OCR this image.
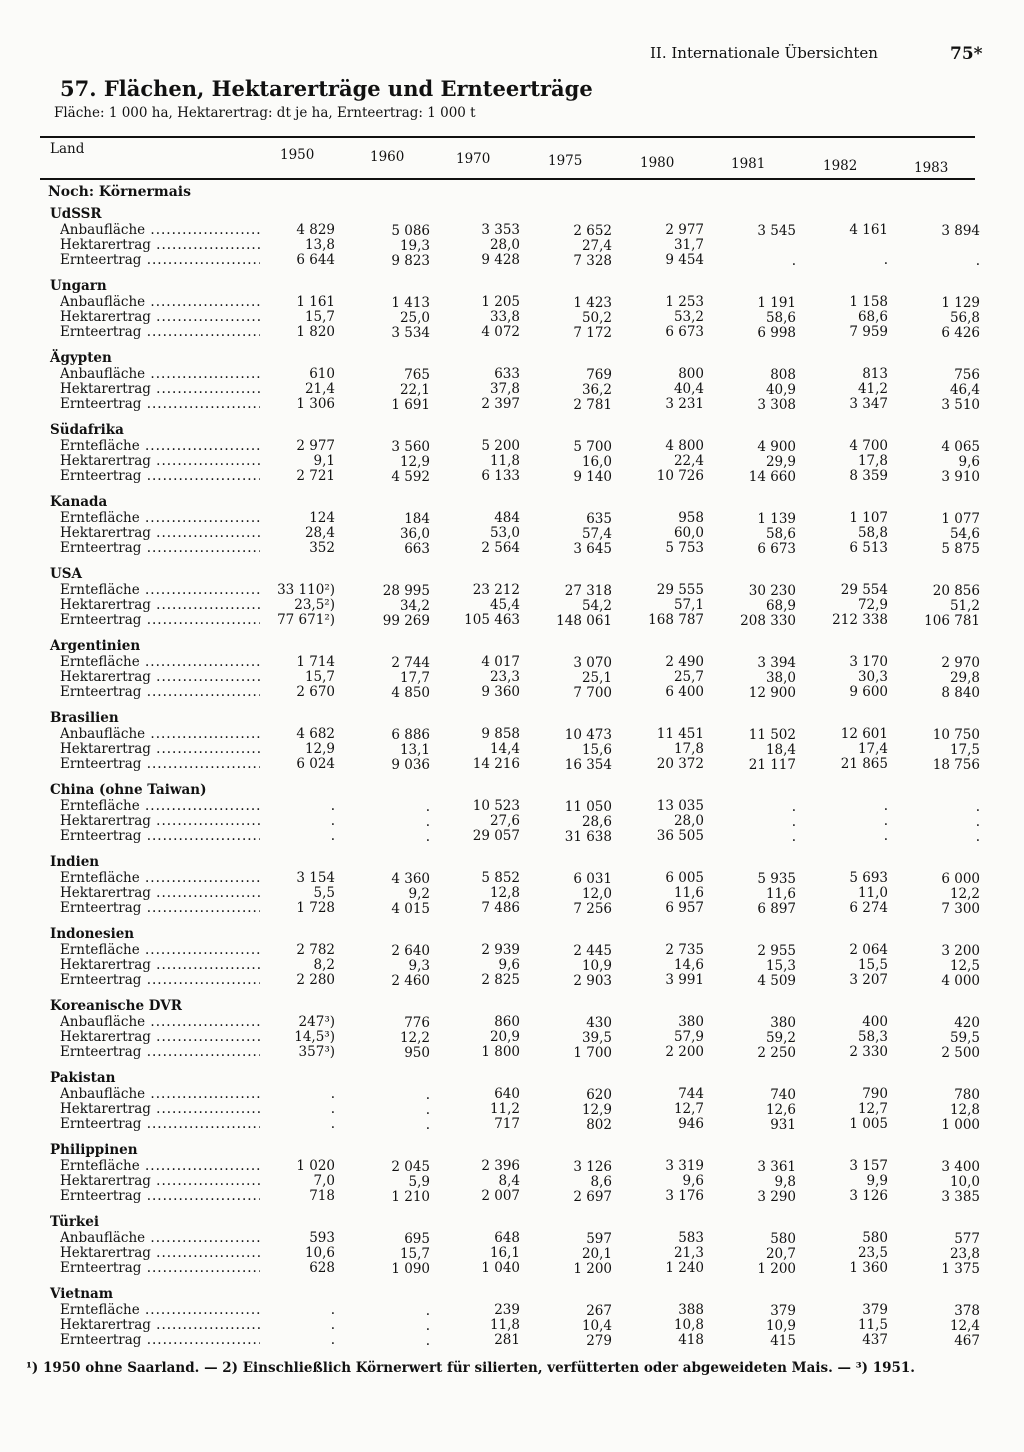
II. Internationale Übersichten	75*
57. Flächen, Hektarerträge und Ernteerträge
Fläche: 1 000 ha, Hektarertrag: dt je ha, Ernteertrag: 1 000 t
Land	1950	1960	1970	1975	1980	1981	1982	1983
Noch: Körnermais
UdSSR
Anbaufläche .....	4 829	5 086	3 353	2 652	2 977	3 545	4 161	3 894
Hektarertrag .....	13,8	19,3	28,0	27,4	31,7
Ernteertrag .....	6 644	9 823	9 428	7 328	9 454	.	.	.
Ungarn
Anbaufläche .....	1 161	1 413	1 205	1 423	1 253	1 191	1 158	1 129
Hektarertrag .....	15,7	25,0	33,8	50,2	53,2	58,6	68,6	56,8
Ernteertrag .....	1 820	3 534	4 072	7 172	6 673	6 998	7 959	6 426
Ägypten
Anbaufläche .....	610	765	633	769	800	808	813	756
Hektarertrag .....	21,4	22,1	37,8	36,2	40,4	40,9	41,2	46,4
Ernteertrag .....	1 306	1 691	2 397	2 781	3 231	3 308	3 347	3 510
Südafrika
Erntefläche .....	2 977	3 560	5 200	5 700	4 800	4 900	4 700	4 065
Hektarertrag .....	9,1	12,9	11,8	16,0	22,4	29,9	17,8	9,6
Ernteertrag .....	2 721	4 592	6 133	9 140	10 726	14 660	8 359	3 910
Kanada
Erntefläche .....	124	184	484	635	958	1 139	1 107	1 077
Hektarertrag .....	28,4	36,0	53,0	57,4	60,0	58,6	58,8	54,6
Ernteertrag .....	352	663	2 564	3 645	5 753	6 673	6 513	5 875
USA
Erntefläche .....	33 110²)	28 995	23 212	27 318	29 555	30 230	29 554	20 856
Hektarertrag .....	23,5²)	34,2	45,4	54,2	57,1	68,9	72,9	51,2
Ernteertrag .....	77 671²)	99 269	105 463	148 061	168 787	208 330	212 338	106 781
Argentinien
Erntefläche .....	1 714	2 744	4 017	3 070	2 490	3 394	3 170	2 970
Hektarertrag .....	15,7	17,7	23,3	25,1	25,7	38,0	30,3	29,8
Ernteertrag .....	2 670	4 850	9 360	7 700	6 400	12 900	9 600	8 840
Brasilien
Anbaufläche .....	4 682	6 886	9 858	10 473	11 451	11 502	12 601	10 750
Hektarertrag .....	12,9	13,1	14,4	15,6	17,8	18,4	17,4	17,5
Ernteertrag .....	6 024	9 036	14 216	16 354	20 372	21 117	21 865	18 756
China (ohne Taiwan)
Erntefläche .....	.	.	10 523	11 050	13 035	.	.	.
Hektarertrag .....	.	.	27,6	28,6	28,0	.	.	.
Ernteertrag .....	.	.	29 057	31 638	36 505	.	.	.
Indien
Erntefläche .....	3 154	4 360	5 852	6 031	6 005	5 935	5 693	6 000
Hektarertrag .....	5,5	9,2	12,8	12,0	11,6	11,6	11,0	12,2
Ernteertrag .....	1 728	4 015	7 486	7 256	6 957	6 897	6 274	7 300
Indonesien
Erntefläche .....	2 782	2 640	2 939	2 445	2 735	2 955	2 064	3 200
Hektarertrag .....	8,2	9,3	9,6	10,9	14,6	15,3	15,5	12,5
Ernteertrag .....	2 280	2 460	2 825	2 903	3 991	4 509	3 207	4 000
Koreanische DVR
Anbaufläche .....	247³)	776	860	430	380	380	400	420
Hektarertrag .....	14,5³)	12,2	20,9	39,5	57,9	59,2	58,3	59,5
Ernteertrag .....	357³)	950	1 800	1 700	2 200	2 250	2 330	2 500
Pakistan
Anbaufläche .....	.	.	640	620	744	740	790	780
Hektarertrag .....	.	.	11,2	12,9	12,7	12,6	12,7	12,8
Ernteertrag .....	.	.	717	802	946	931	1 005	1 000
Philippinen
Erntefläche .....	1 020	2 045	2 396	3 126	3 319	3 361	3 157	3 400
Hektarertrag .....	7,0	5,9	8,4	8,6	9,6	9,8	9,9	10,0
Ernteertrag .....	718	1 210	2 007	2 697	3 176	3 290	3 126	3 385
Türkei
Anbaufläche .....	593	695	648	597	583	580	580	577
Hektarertrag .....	10,6	15,7	16,1	20,1	21,3	20,7	23,5	23,8
Ernteertrag .....	628	1 090	1 040	1 200	1 240	1 200	1 360	1 375
Vietnam
Erntefläche .....	.	.	239	267	388	379	379	378
Hektarertrag .....	.	.	11,8	10,4	10,8	10,9	11,5	12,4
Ernteertrag .....	.	.	281	279	418	415	437	467
¹) 1950 ohne Saarland. — 2) Einschließlich Körnerwert für silierten, verfütterten oder abgeweideten Mais. — ³) 1951.
